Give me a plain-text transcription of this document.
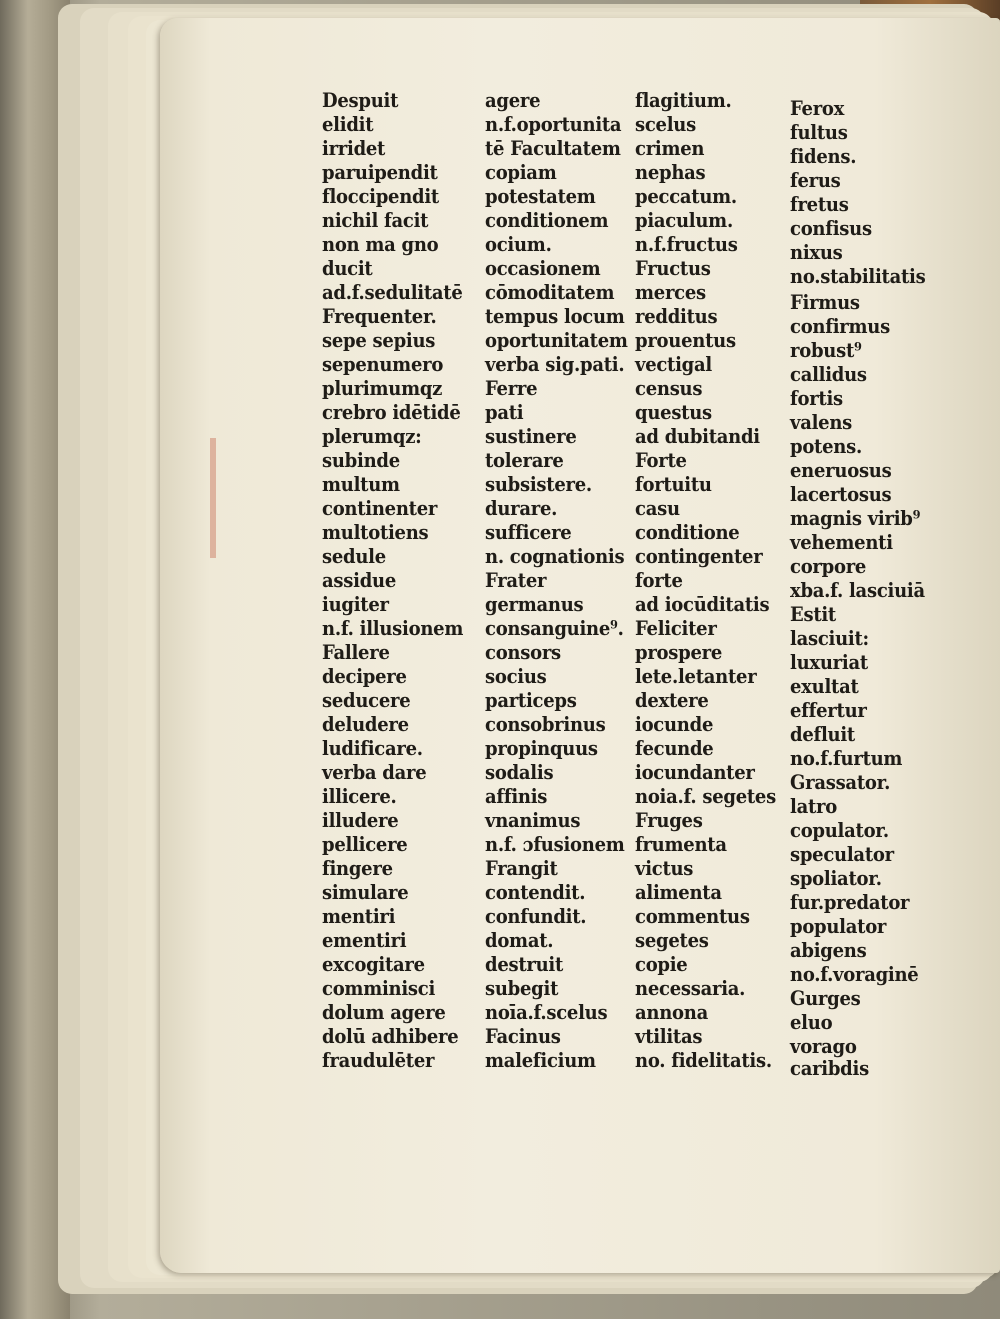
Despuit
elidit
irridet
paruipendit
floccipendit
nichil facit
non ma gno
ducit
ad.f.sedulitatē
Frequenter.
sepe sepius
sepenumero
plurimumqz
crebro idētidē
plerumqz:
subinde
multum
continenter
multotiens
sedule
assidue
iugiter
n.f. illusionem
Fallere
decipere
seducere
deludere
ludificare.
verba dare
illicere.
illudere
pellicere
fingere
simulare
mentiri
ementiri
excogitare
comminisci
dolum agere
dolū adhibere
fraudulēter
agere
n.f.oportunita
tē Facultatem
copiam
potestatem
conditionem
ocium.
occasionem
cōmoditatem
tempus locum
oportunitatem
verba sig.pati.
Ferre
pati
sustinere
tolerare
subsistere.
durare.
sufficere
n. cognationis
Frater
germanus
consanguine⁹.
consors
socius
particeps
consobrinus
propinquus
sodalis
affinis
vnanimus
n.f. ɔfusionem
Frangit
contendit.
confundit.
domat.
destruit
subegit
noīa.f.scelus
Facinus
maleficium
flagitium.
scelus
crimen
nephas
peccatum.
piaculum.
n.f.fructus
Fructus
merces
redditus
prouentus
vectigal
census
questus
ad dubitandi
Forte
fortuitu
casu
conditione
contingenter
forte
ad iocūditatis
Feliciter
prospere
lete.letanter
dextere
iocunde
fecunde
iocundanter
noia.f. segetes
Fruges
frumenta
victus
alimenta
commentus
segetes
copie
necessaria.
annona
vtilitas
no. fidelitatis.
Ferox
fultus
fidens.
ferus
fretus
confisus
nixus
no.stabilitatis
Firmus
confirmus
robust⁹
callidus
fortis
valens
potens.
eneruosus
lacertosus
magnis virib⁹
vehementi
corpore
xba.f. lasciuiā
Estit
lasciuit:
luxuriat
exultat
effertur
defluit
no.f.furtum
Grassator.
latro
copulator.
speculator
spoliator.
fur.predator
populator
abigens
no.f.voraginē
Gurges
eluo
vorago
caribdis
